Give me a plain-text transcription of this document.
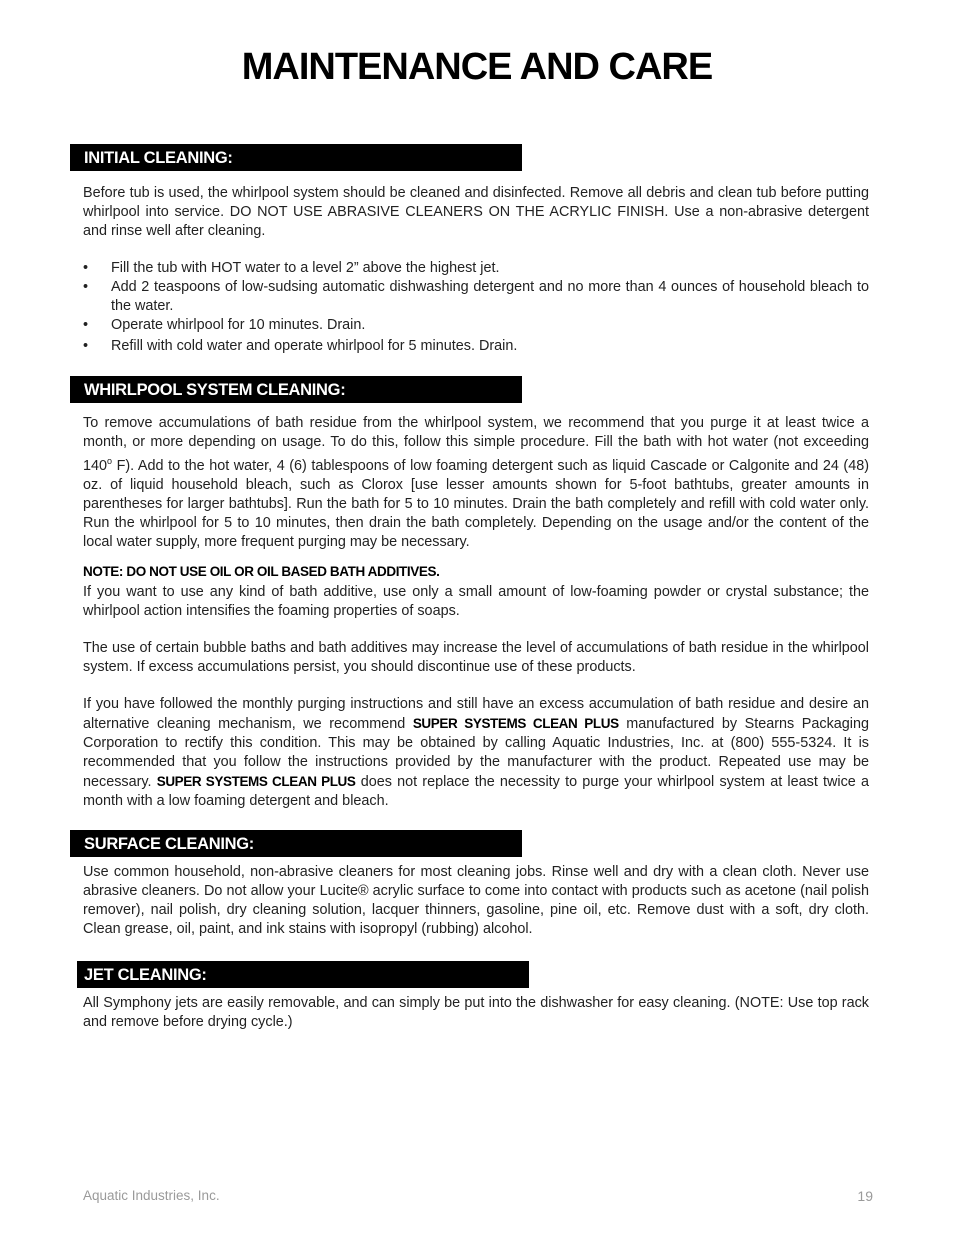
MAINTENANCE AND CARE
INITIAL CLEANING:

Before tub is used, the whirlpool system should be cleaned and disinfected. Remove all debris and clean tub before putting whirlpool into service. DO NOT USE ABRASIVE CLEANERS ON THE ACRYLIC FINISH. Use a non-abrasive detergent and rinse well after cleaning.

• Fill the tub with HOT water to a level 2” above the highest jet.
• Add 2 teaspoons of low-sudsing automatic dishwashing detergent and no more than 4 ounces of household bleach to the water.
• Operate whirlpool for 10 minutes. Drain.
• Refill with cold water and operate whirlpool for 5 minutes. Drain.
WHIRLPOOL SYSTEM CLEANING:

To remove accumulations of bath residue from the whirlpool system, we recommend that you purge it at least twice a month, or more depending on usage. To do this, follow this simple procedure. Fill the bath with hot water (not exceeding 140$^o$ F). Add to the hot water, 4 (6) tablespoons of low foaming detergent such as liquid Cascade or Calgonite and 24 (48) oz. of liquid household bleach, such as Clorox [use lesser amounts shown for 5-foot bathtubs, greater amounts in parentheses for larger bathtubs]. Run the bath for 5 to 10 minutes. Drain the bath completely and refill with cold water only. Run the whirlpool for 5 to 10 minutes, then drain the bath completely. Depending on the usage and/or the content of the local water supply, more frequent purging may be necessary.

NOTE: DO NOT USE OIL OR OIL BASED BATH ADDITIVES.

If you want to use any kind of bath additive, use only a small amount of low-foaming powder or crystal substance; the whirlpool action intensifies the foaming properties of soaps.

The use of certain bubble baths and bath additives may increase the level of accumulations of bath residue in the whirlpool system. If excess accumulations persist, you should discontinue use of these products.

If you have followed the monthly purging instructions and still have an excess accumulation of bath residue and desire an alternative cleaning mechanism, we recommend SUPER SYSTEMS CLEAN PLUS manufactured by Stearns Packaging Corporation to rectify this condition. This may be obtained by calling Aquatic Industries, Inc. at (800) 555-5324. It is recommended that you follow the instructions provided by the manufacturer with the product. Repeated use may be necessary. SUPER SYSTEMS CLEAN PLUS does not replace the necessity to purge your whirlpool system at least twice a month with a low foaming detergent and bleach.

SURFACE CLEANING:

Use common household, non-abrasive cleaners for most cleaning jobs. Rinse well and dry with a clean cloth. Never use abrasive cleaners. Do not allow your Lucite® acrylic surface to come into contact with products such as acetone (nail polish remover), nail polish, dry cleaning solution, lacquer thinners, gasoline, pine oil, etc. Remove dust with a soft, dry cloth. Clean grease, oil, paint, and ink stains with isopropyl (rubbing) alcohol.

JET CLEANING:

All Symphony jets are easily removable, and can simply be put into the dishwasher for easy cleaning. (NOTE: Use top rack and remove before drying cycle.)

Aquatic Industries, Inc.	19
